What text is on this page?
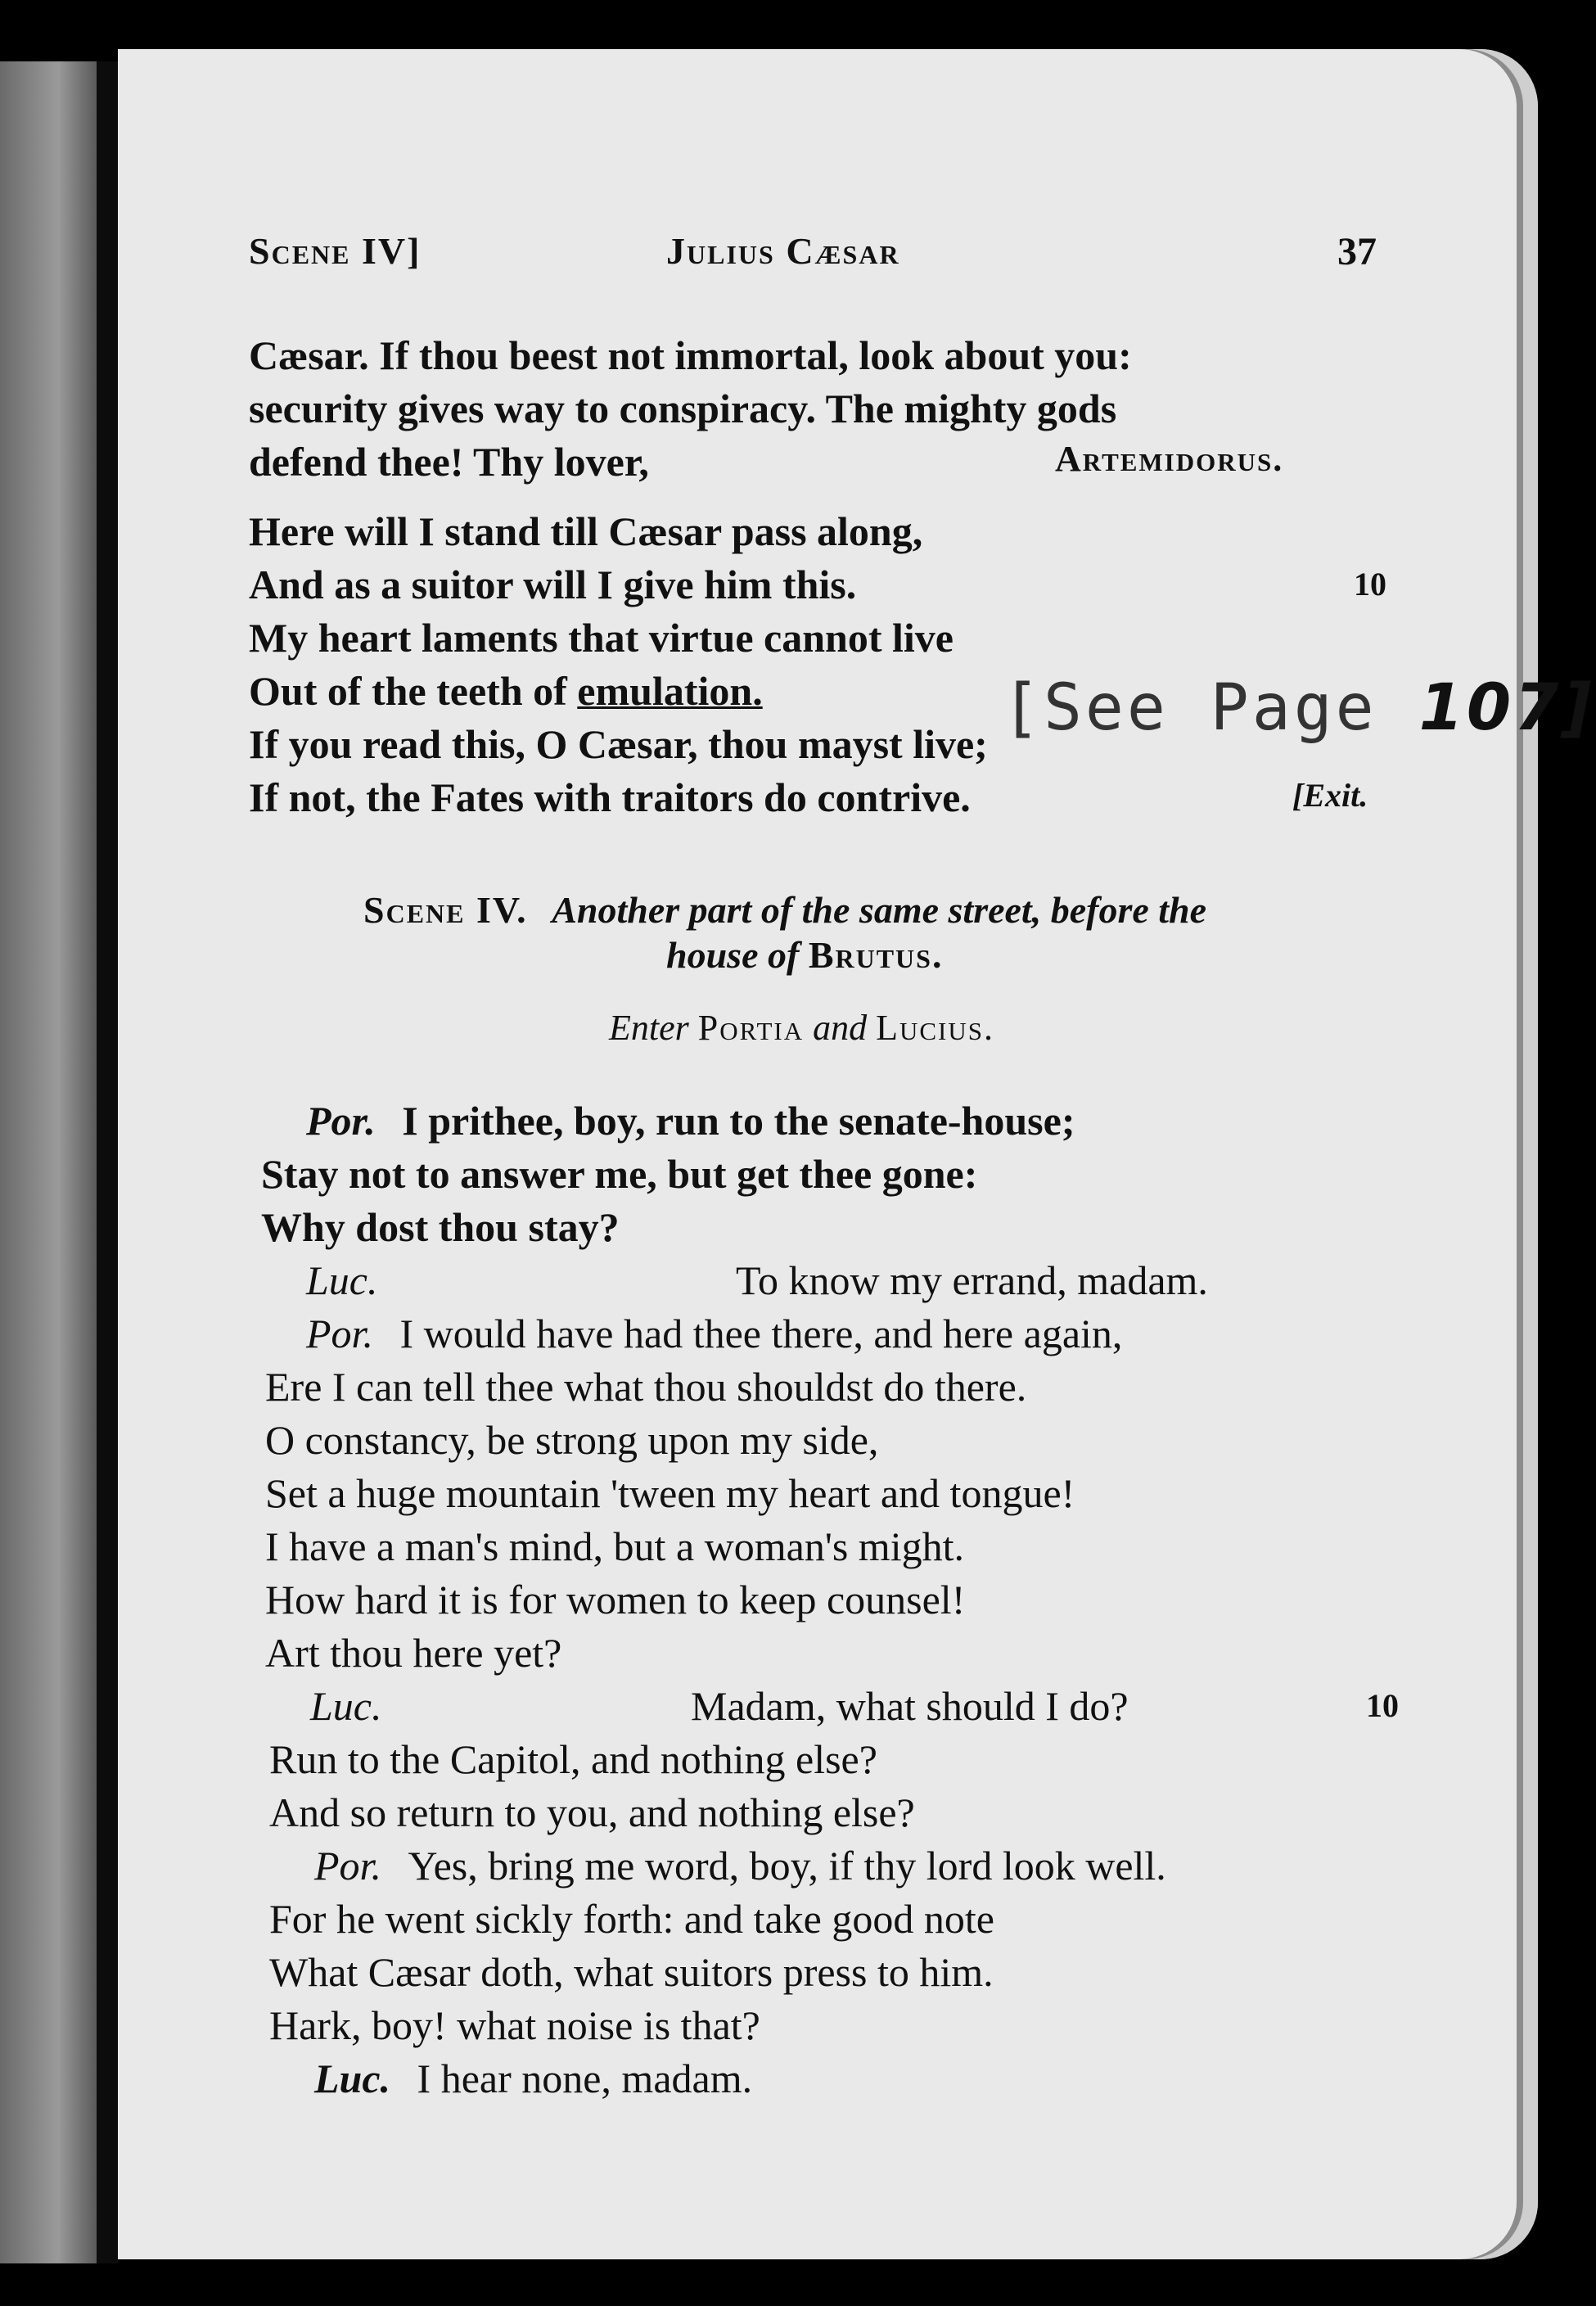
Scene IV]	Julius Cæsar	37
Cæsar. If thou beest not immortal, look about you:
security gives way to conspiracy. The mighty gods
defend thee! Thy lover,	Artemidorus.
Here will I stand till Cæsar pass along,
And as a suitor will I give him this.	10
My heart laments that virtue cannot live
Out of the teeth of emulation.
If you read this, O Cæsar, thou mayst live;
If not, the Fates with traitors do contrive.	[Exit.
[See Page 107]
Scene IV. Another part of the same street, before the
house of Brutus.
Enter Portia and Lucius.
Por. I prithee, boy, run to the senate-house;
Stay not to answer me, but get thee gone:
Why dost thou stay?
Luc.	To know my errand, madam.
Por. I would have had thee there, and here again,
Ere I can tell thee what thou shouldst do there.
O constancy, be strong upon my side,
Set a huge mountain 'tween my heart and tongue!
I have a man's mind, but a woman's might.
How hard it is for women to keep counsel!
Art thou here yet?
Luc.	Madam, what should I do?	10
Run to the Capitol, and nothing else?
And so return to you, and nothing else?
Por. Yes, bring me word, boy, if thy lord look well.
For he went sickly forth: and take good note
What Cæsar doth, what suitors press to him.
Hark, boy! what noise is that?
Luc. I hear none, madam.
